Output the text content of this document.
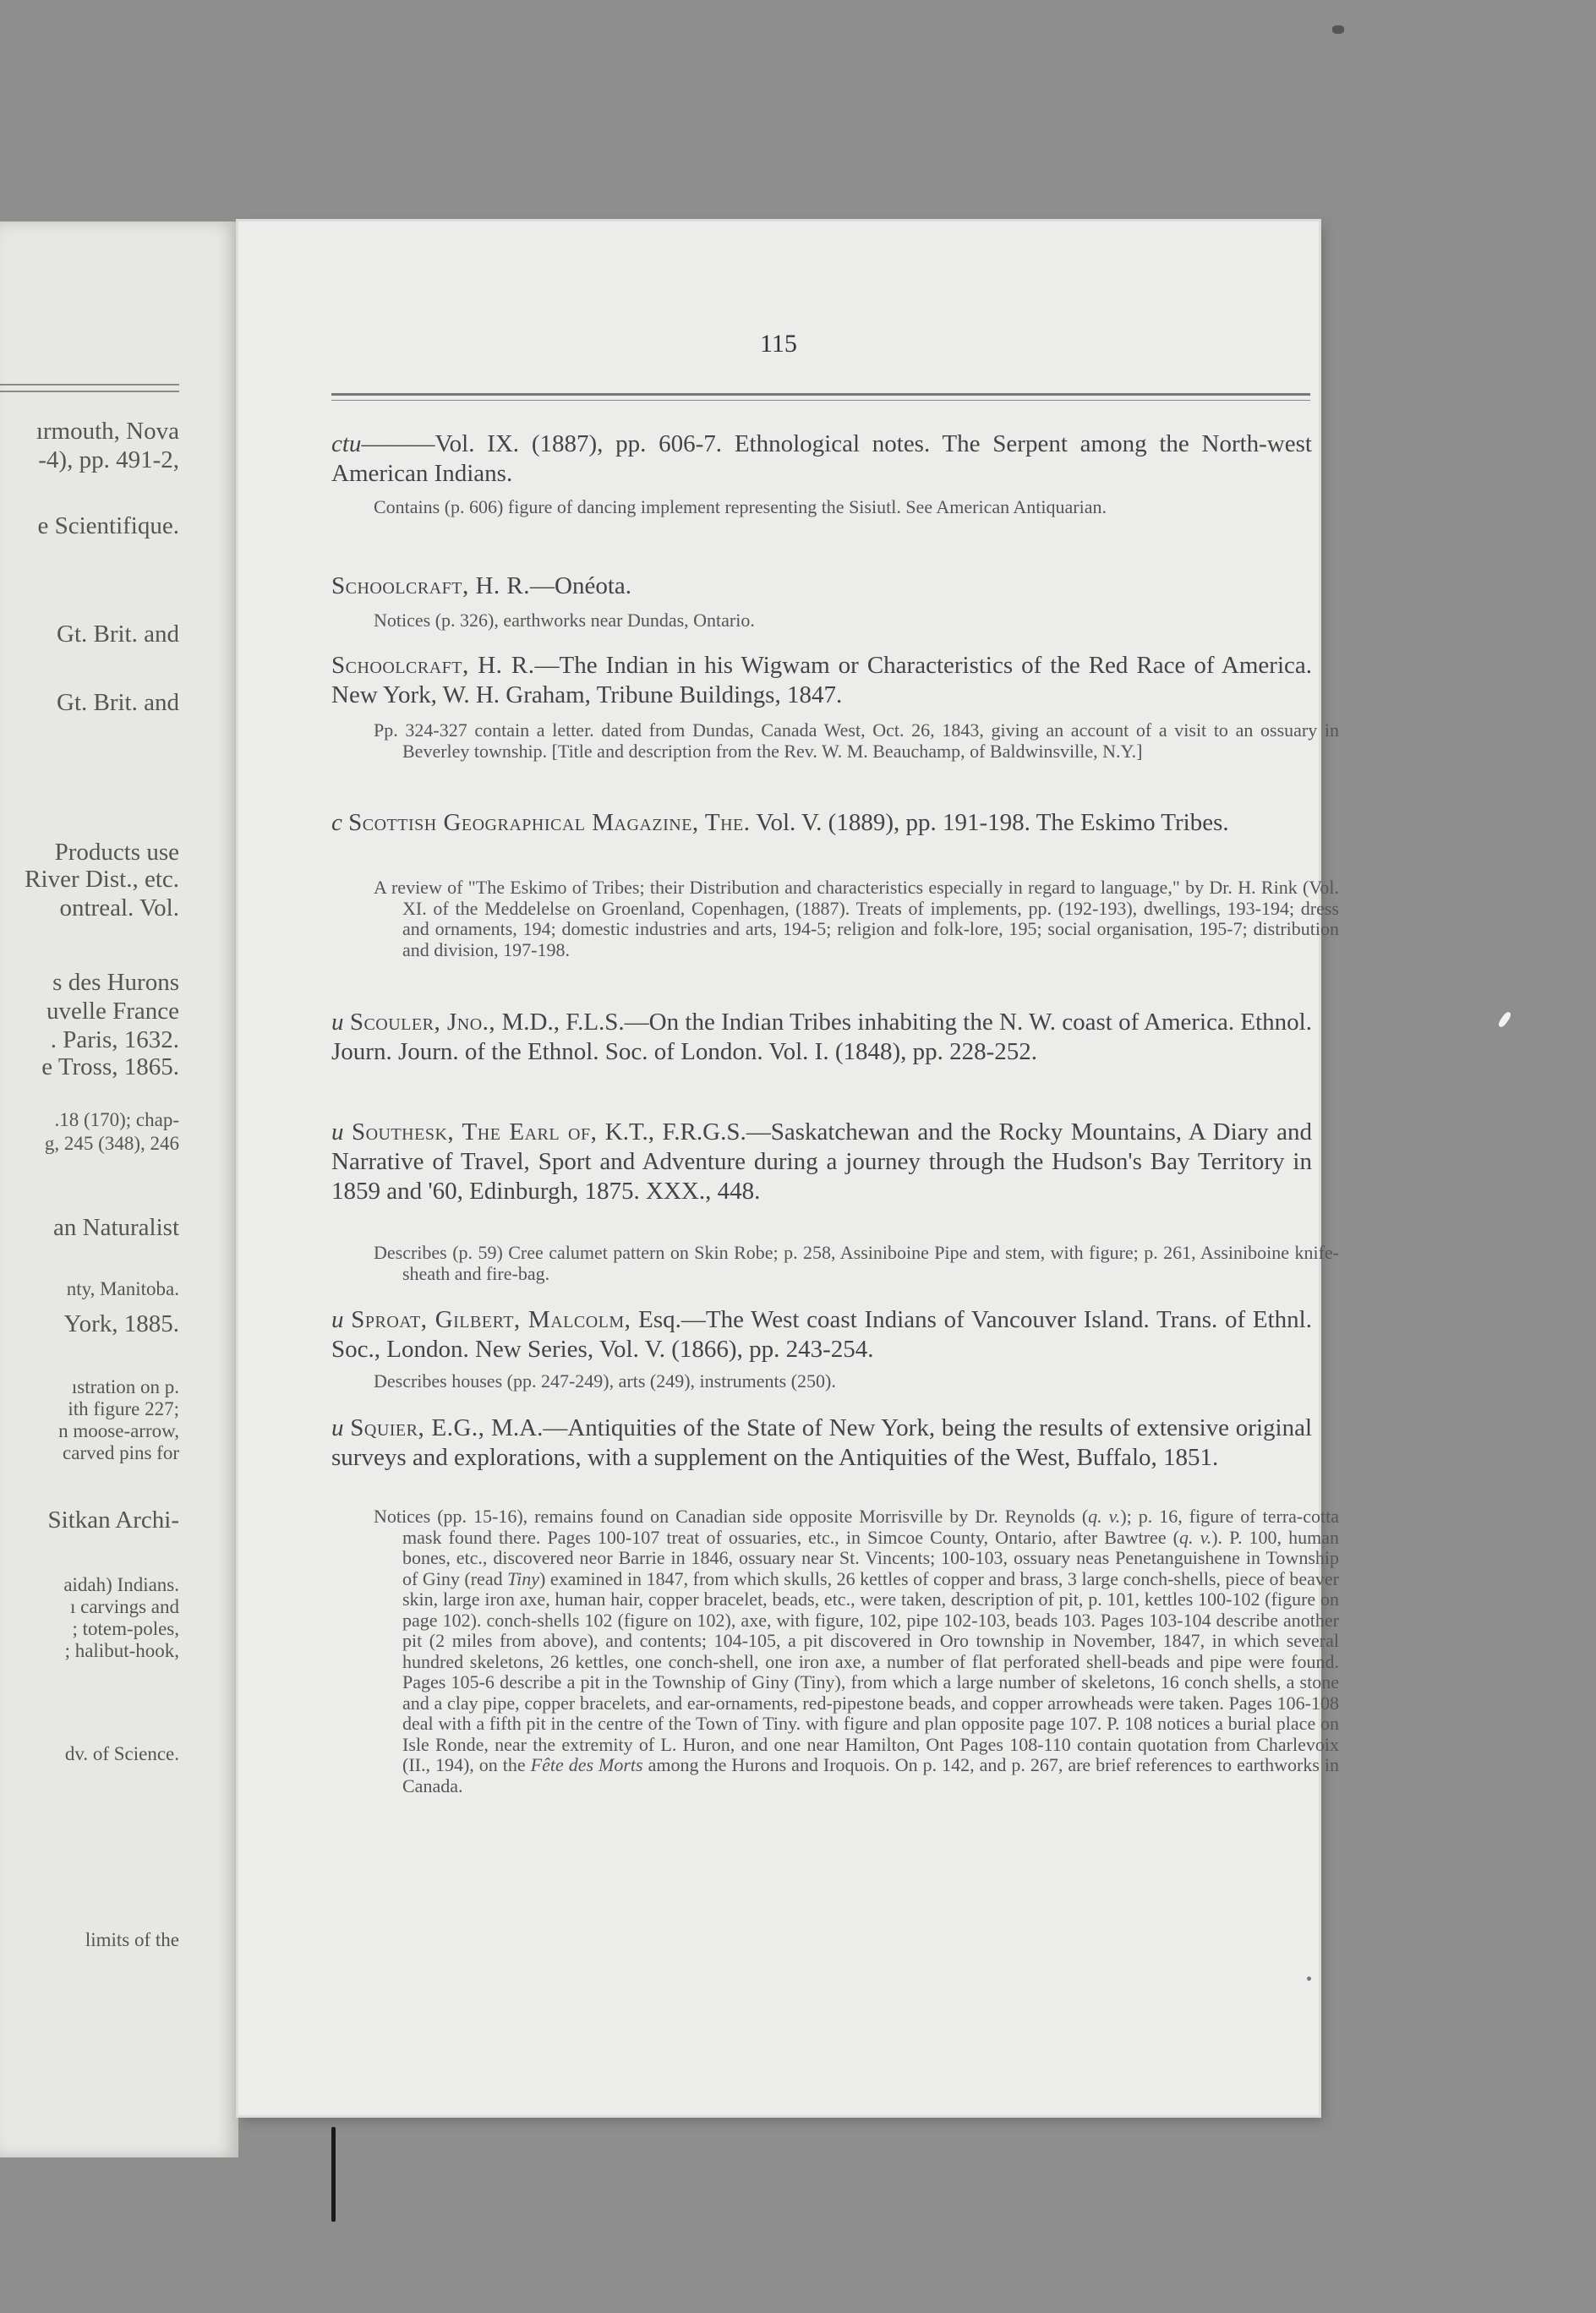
ırmouth, Nova
-4), pp. 491-2,
e Scientifique.
Gt. Brit. and
Gt. Brit. and
Products use
River Dist., etc.
ontreal. Vol.
s des Hurons
uvelle France
. Paris, 1632.
e Tross, 1865.
.18 (170); chap-
g, 245 (348), 246
an Naturalist
nty, Manitoba.
York, 1885.
ıstration on p.
ith figure 227;
n moose-arrow,
carved pins for
Sitkan Archi-
aidah) Indians.
ı carvings and
; totem-poles,
; halibut-hook,
dv. of Science.
limits of the
115
ctu———Vol. IX. (1887), pp. 606-7. Ethnological notes. The Serpent among the North-west American Indians.
Contains (p. 606) figure of dancing implement representing the Sisiutl. See American Antiquarian.
Schoolcraft, H. R.—Onéota.
Notices (p. 326), earthworks near Dundas, Ontario.
Schoolcraft, H. R.—The Indian in his Wigwam or Characteristics of the Red Race of America. New York, W. H. Graham, Tribune Buildings, 1847.
Pp. 324-327 contain a letter. dated from Dundas, Canada West, Oct. 26, 1843, giving an account of a visit to an ossuary in Beverley township. [Title and description from the Rev. W. M. Beauchamp, of Baldwinsville, N.Y.]
c Scottish Geographical Magazine, The. Vol. V. (1889), pp. 191-198. The Eskimo Tribes.
A review of "The Eskimo of Tribes; their Distribution and characteristics especially in regard to language," by Dr. H. Rink (Vol. XI. of the Meddelelse on Groenland, Copenhagen, (1887). Treats of implements, pp. (192-193), dwellings, 193-194; dress and ornaments, 194; domestic industries and arts, 194-5; religion and folk-lore, 195; social organisation, 195-7; distribution and division, 197-198.
u Scouler, Jno., M.D., F.L.S.—On the Indian Tribes inhabiting the N. W. coast of America. Ethnol. Journ. Journ. of the Ethnol. Soc. of London. Vol. I. (1848), pp. 228-252.
u Southesk, The Earl of, K.T., F.R.G.S.—Saskatchewan and the Rocky Mountains, A Diary and Narrative of Travel, Sport and Adventure during a journey through the Hudson's Bay Territory in 1859 and '60, Edinburgh, 1875. XXX., 448.
Describes (p. 59) Cree calumet pattern on Skin Robe; p. 258, Assiniboine Pipe and stem, with figure; p. 261, Assiniboine knife-sheath and fire-bag.
u Sproat, Gilbert, Malcolm, Esq.—The West coast Indians of Vancouver Island. Trans. of Ethnl. Soc., London. New Series, Vol. V. (1866), pp. 243-254.
Describes houses (pp. 247-249), arts (249), instruments (250).
u Squier, E.G., M.A.—Antiquities of the State of New York, being the results of extensive original surveys and explorations, with a supplement on the Antiquities of the West, Buffalo, 1851.
Notices (pp. 15-16), remains found on Canadian side opposite Morrisville by Dr. Reynolds (q. v.); p. 16, figure of terra-cotta mask found there. Pages 100-107 treat of ossuaries, etc., in Simcoe County, Ontario, after Bawtree (q. v.). P. 100, human bones, etc., discovered neor Barrie in 1846, ossuary near St. Vincents; 100-103, ossuary neas Penetanguishene in Township of Giny (read Tiny) examined in 1847, from which skulls, 26 kettles of copper and brass, 3 large conch-shells, piece of beaver skin, large iron axe, human hair, copper bracelet, beads, etc., were taken, description of pit, p. 101, kettles 100-102 (figure on page 102). conch-shells 102 (figure on 102), axe, with figure, 102, pipe 102-103, beads 103. Pages 103-104 describe another pit (2 miles from above), and contents; 104-105, a pit discovered in Oro township in November, 1847, in which several hundred skeletons, 26 kettles, one conch-shell, one iron axe, a number of flat perforated shell-beads and pipe were found. Pages 105-6 describe a pit in the Township of Giny (Tiny), from which a large number of skeletons, 16 conch shells, a stone and a clay pipe, copper bracelets, and ear-ornaments, red-pipestone beads, and copper arrowheads were taken. Pages 106-108 deal with a fifth pit in the centre of the Town of Tiny. with figure and plan opposite page 107. P. 108 notices a burial place on Isle Ronde, near the extremity of L. Huron, and one near Hamilton, Ont Pages 108-110 contain quotation from Charlevoix (II., 194), on the Fête des Morts among the Hurons and Iroquois. On p. 142, and p. 267, are brief references to earthworks in Canada.
